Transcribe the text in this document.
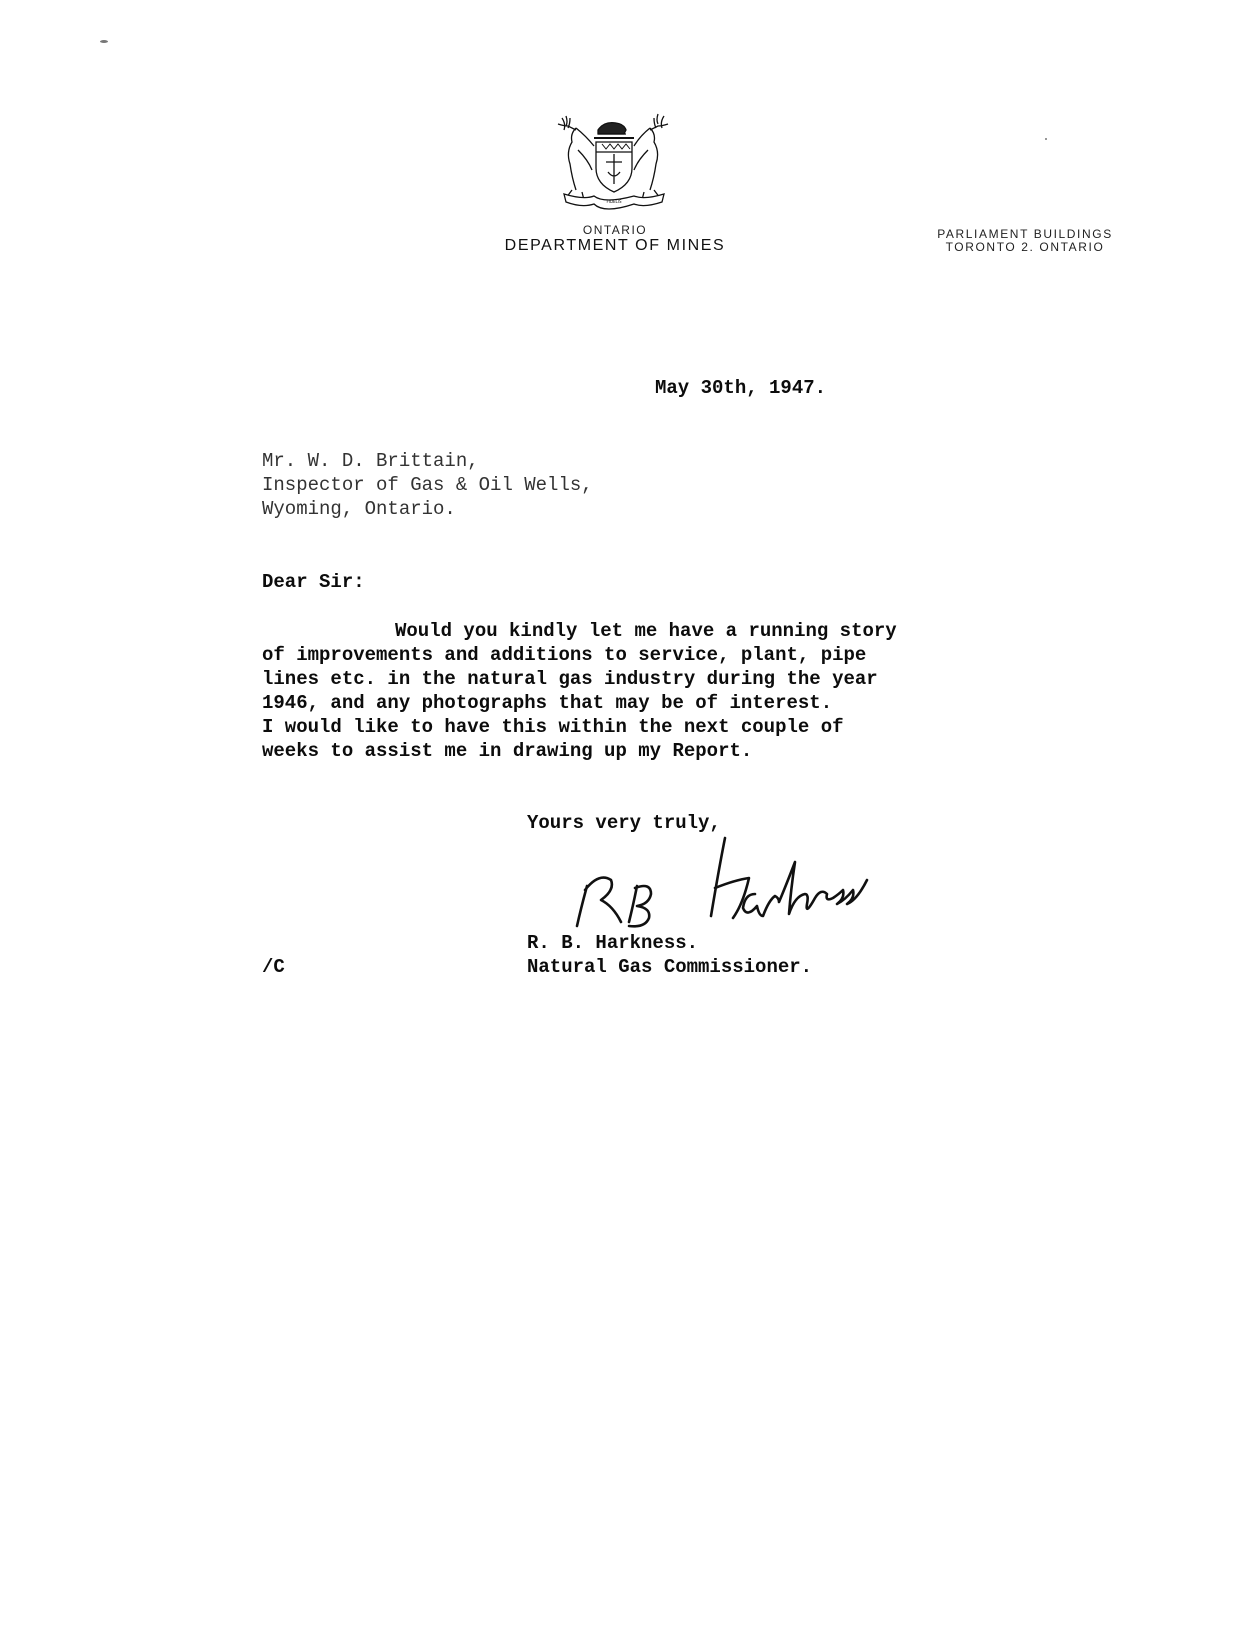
FIDELIS
ONTARIO
DEPARTMENT OF MINES
PARLIAMENT BUILDINGS
TORONTO 2. ONTARIO
May 30th, 1947.
Mr. W. D. Brittain,
Inspector of Gas & Oil Wells,
Wyoming, Ontario.
Dear Sir:
Would you kindly let me have a running story
of improvements and additions to service, plant, pipe
lines etc. in the natural gas industry during the year
1946, and any photographs that may be of interest.
I would like to have this within the next couple of
weeks to assist me in drawing up my Report.
Yours very truly,
R. B. Harkness.
Natural Gas Commissioner.
/C
